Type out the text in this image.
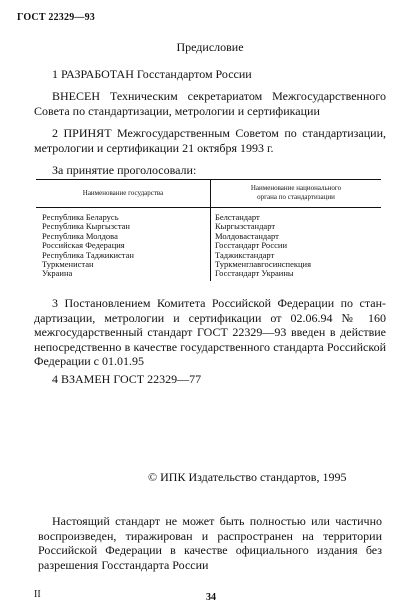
ГОСТ 22329—93
Предисловие
1 РАЗРАБОТАН Госстандартом России
ВНЕСЕН Техническим секретариатом Межгосударственного
Совета по стандартизации, метрологии и сертификации
2 ПРИНЯТ Межгосударственным Советом по стандартизации,
метрологии и сертификации 21 октября 1993 г.
За принятие проголосовали:
Наименование государства	Наименование национального
органа по стандартизации
Республика Беларусь	Белстандарт
Республика Кыргызстан	Кыргызстандарт
Республика Молдова	Молдовастандарт
Российская Федерация	Госстандарт России
Республика Таджикистан	Таджикстандарт
Туркменистан	Туркменглавгосинспекция
Украина	Госстандарт Украины
3 Постановлением Комитета Российской Федерации по стан-
дартизации, метрологии и сертификации от 02.06.94 № 160
межгосударственный стандарт ГОСТ 22329—93 введен в действие
непосредственно в качестве государственного стандарта Российской
Федерации с 01.01.95
4 ВЗАМЕН ГОСТ 22329—77
© ИПК Издательство стандартов, 1995
Настоящий стандарт не может быть полностью или частично
воспроизведен, тиражирован и распространен на территории
Российской Федерации в качестве официального издания без
разрешения Госстандарта России
II	34
